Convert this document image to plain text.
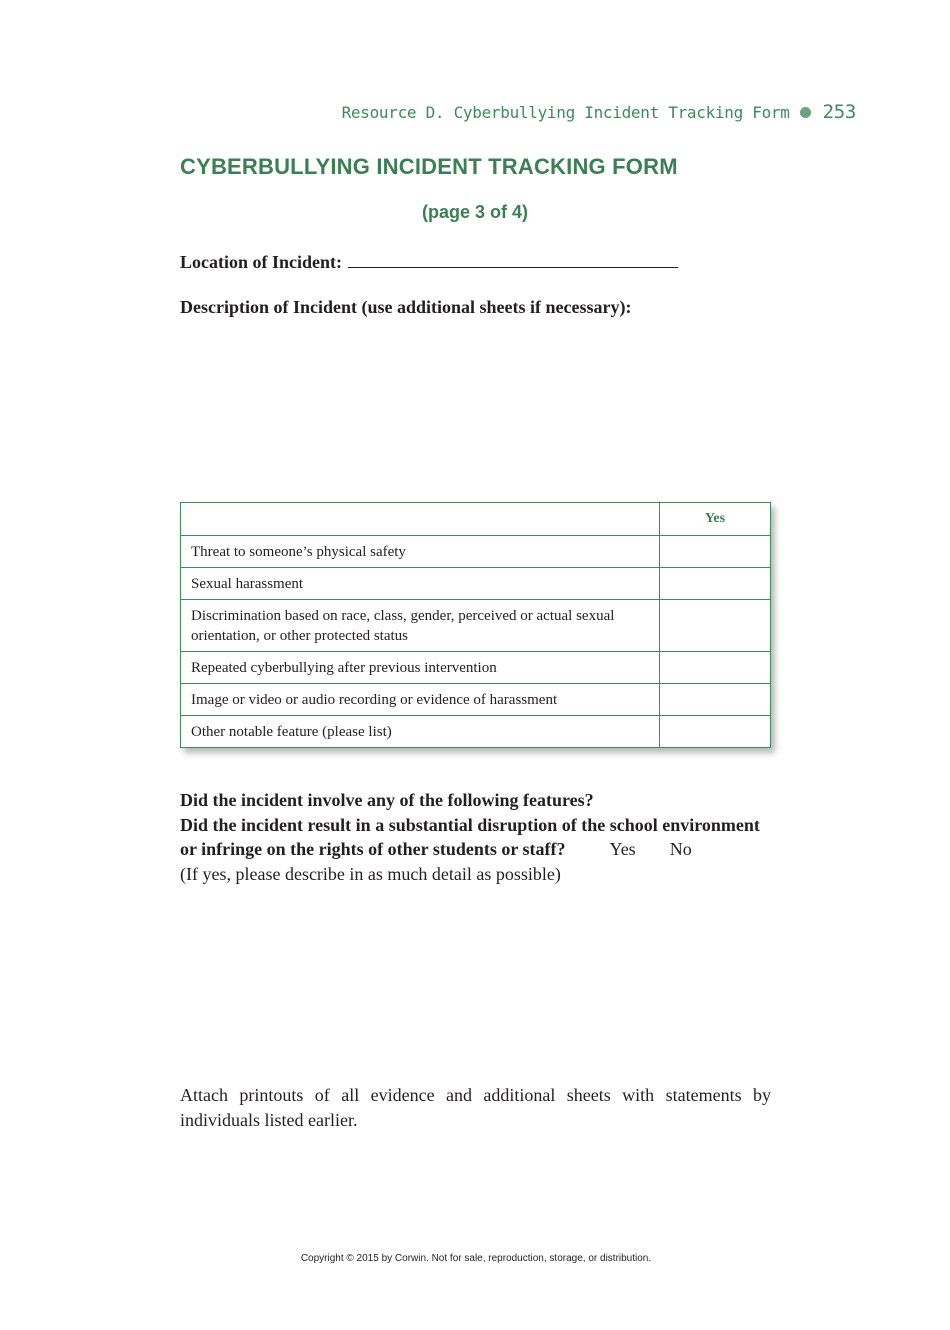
Resource D. Cyberbullying Incident Tracking Form 253
CYBERBULLYING INCIDENT TRACKING FORM
(page 3 of 4)
Location of Incident:
Description of Incident (use additional sheets if necessary):
	Yes

Threat to someone’s physical safety	

Sexual harassment	

Discrimination based on race, class, gender, perceived or actual sexual orientation, or other protected status	

Repeated cyberbullying after previous intervention	

Image or video or audio recording or evidence of harassment	

Other notable feature (please list)	

Did the incident involve any of the following features?
Did the incident result in a substantial disruption of the school environment
or infringe on the rights of other students or staff? Yes No
(If yes, please describe in as much detail as possible)
Attach printouts of all evidence and additional sheets with statements by individuals listed earlier.
Copyright © 2015 by Corwin. Not for sale, reproduction, storage, or distribution.
